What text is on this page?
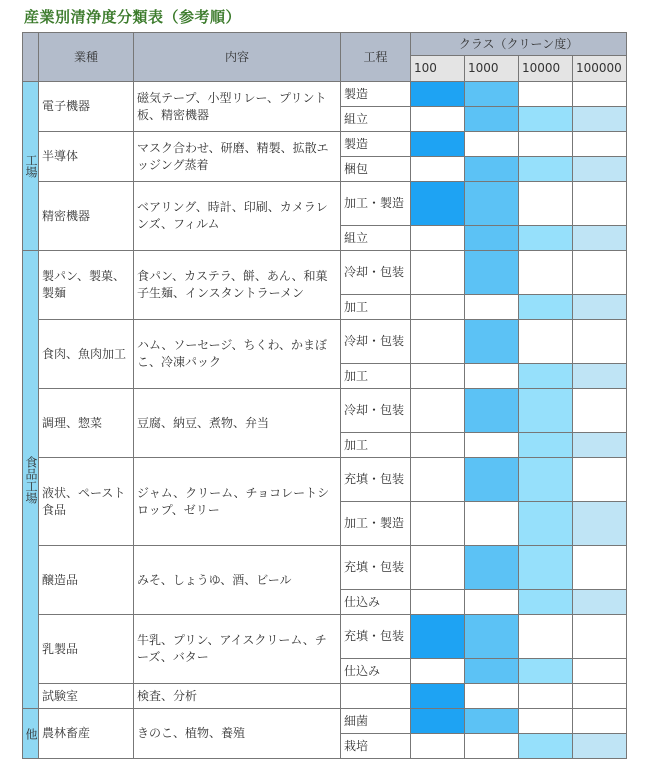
産業別清浄度分類表（参考順）
	業種	内容	工程	クラス（クリーン度）			
				100	1000	10000	100000

工場	電子機器	磁気テープ、小型リレー、プリント板、精密機器	製造				
			組立				
	半導体	マスク合わせ、研磨、精製、拡散エッジング蒸着	製造				
			梱包				
	精密機器	ベアリング、時計、印刷、カメラレンズ、フィルム	加工・製造				
			組立				

食品工場	製パン、製菓、製麺	食パン、カステラ、餅、あん、和菓子生麺、インスタントラーメン	冷却・包装				
			加工				
	食肉、魚肉加工	ハム、ソーセージ、ちくわ、かまぼこ、冷凍パック	冷却・包装				
			加工				
	調理、惣菜	豆腐、納豆、煮物、弁当	冷却・包装				
			加工				
	液状、ペースト食品	ジャム、クリーム、チョコレートシロップ、ゼリー	充填・包装				
			加工・製造				
	醸造品	みそ、しょうゆ、酒、ビール	充填・包装				
			仕込み				
	乳製品	牛乳、プリン、アイスクリーム、チーズ、バター	充填・包装				
			仕込み				
	試験室	検査、分析					

他	農林畜産	きのこ、植物、養殖	細菌				
			栽培				
